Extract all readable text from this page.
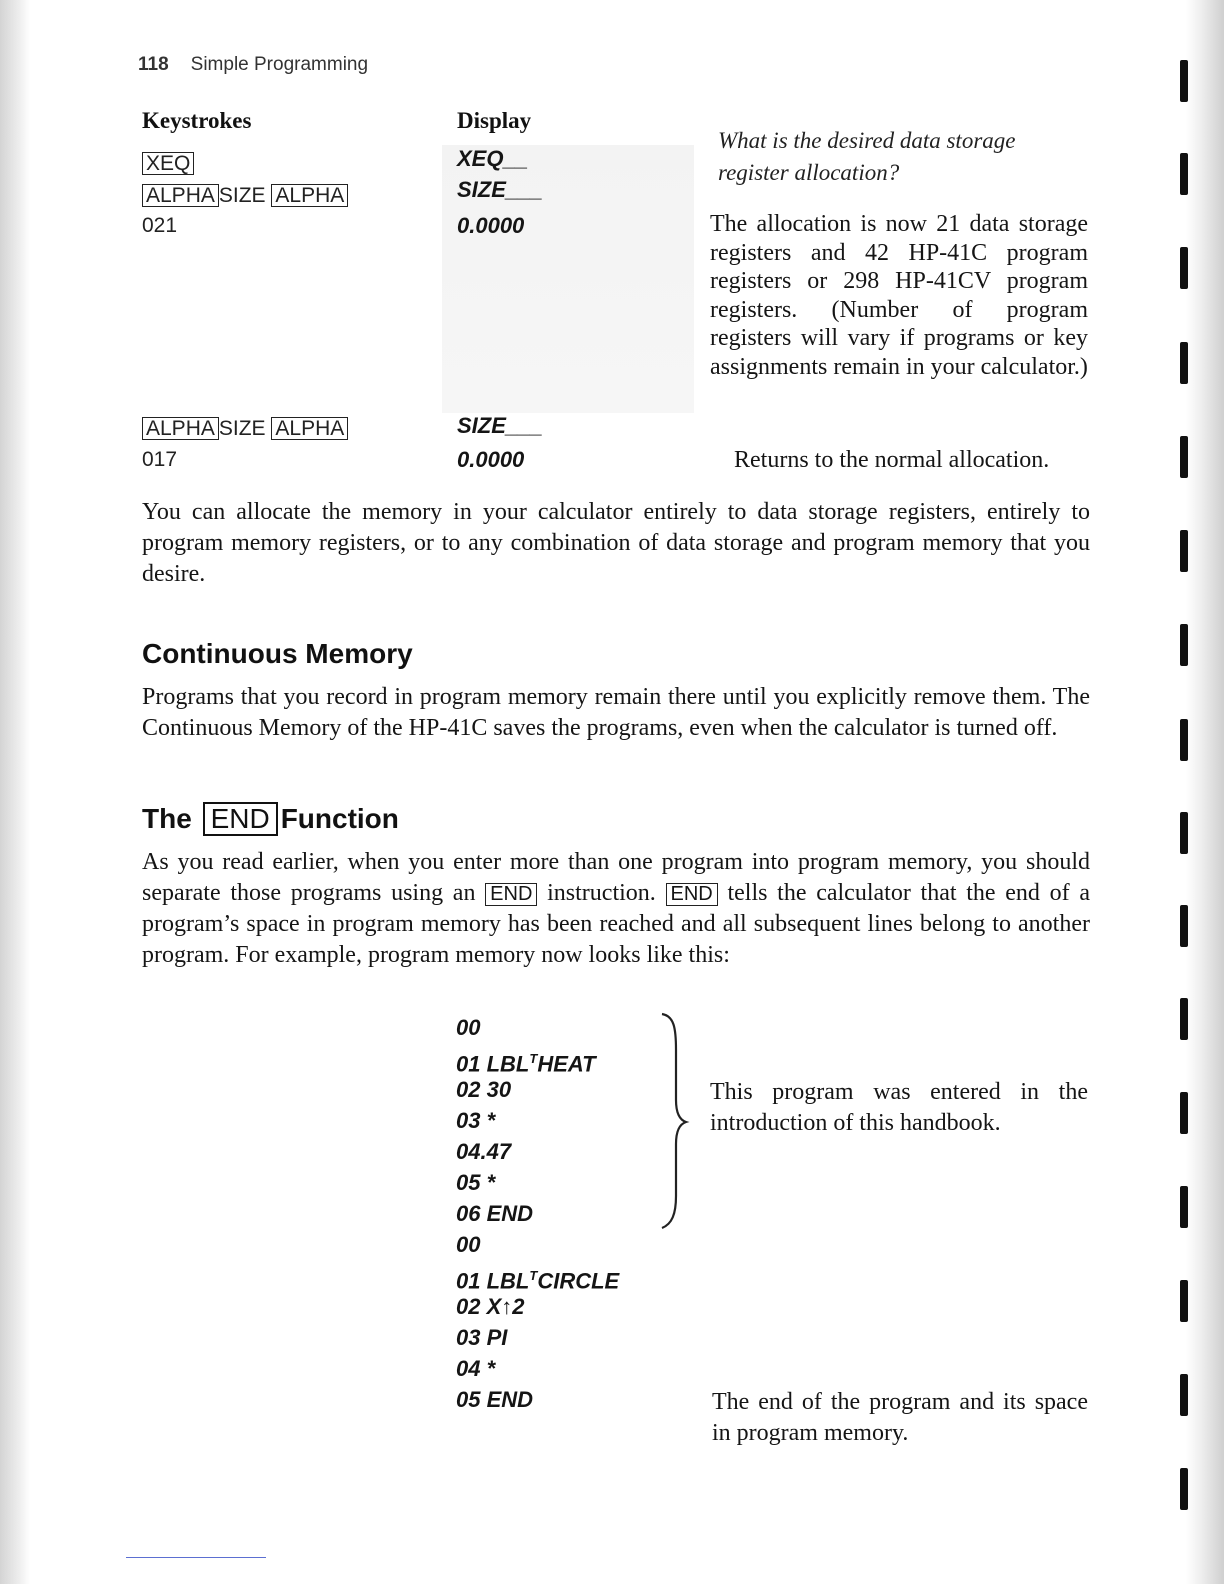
118 Simple Programming
Keystrokes	Display
XEQ	XEQ__
ALPHA SIZE ALPHA	SIZE___
021	0.0000
What is the desired data storage register allocation?
The allocation is now 21 data storage registers and 42 HP-41C program registers or 298 HP-41CV program registers. (Number of program registers will vary if programs or key assignments remain in your calculator.)
ALPHA SIZE ALPHA	SIZE___
017	0.0000	Returns to the normal allocation.
You can allocate the memory in your calculator entirely to data storage registers, entirely to program memory registers, or to any combination of data storage and program memory that you desire.
Continuous Memory
Programs that you record in program memory remain there until you explicitly remove them. The Continuous Memory of the HP-41C saves the programs, even when the calculator is turned off.
The END Function
As you read earlier, when you enter more than one program into program memory, you should separate those programs using an END instruction. END tells the calculator that the end of a program’s space in program memory has been reached and all subsequent lines belong to another program. For example, program memory now looks like this:
00
01 $LBL^THEAT$
02 30
03 *
04.47
05 *
06 END
00
01 $LBL^TCIRCLE$
02 X↑2
03 PI
04 *
05 END
This program was entered in the introduction of this handbook.
The end of the program and its space in program memory.
